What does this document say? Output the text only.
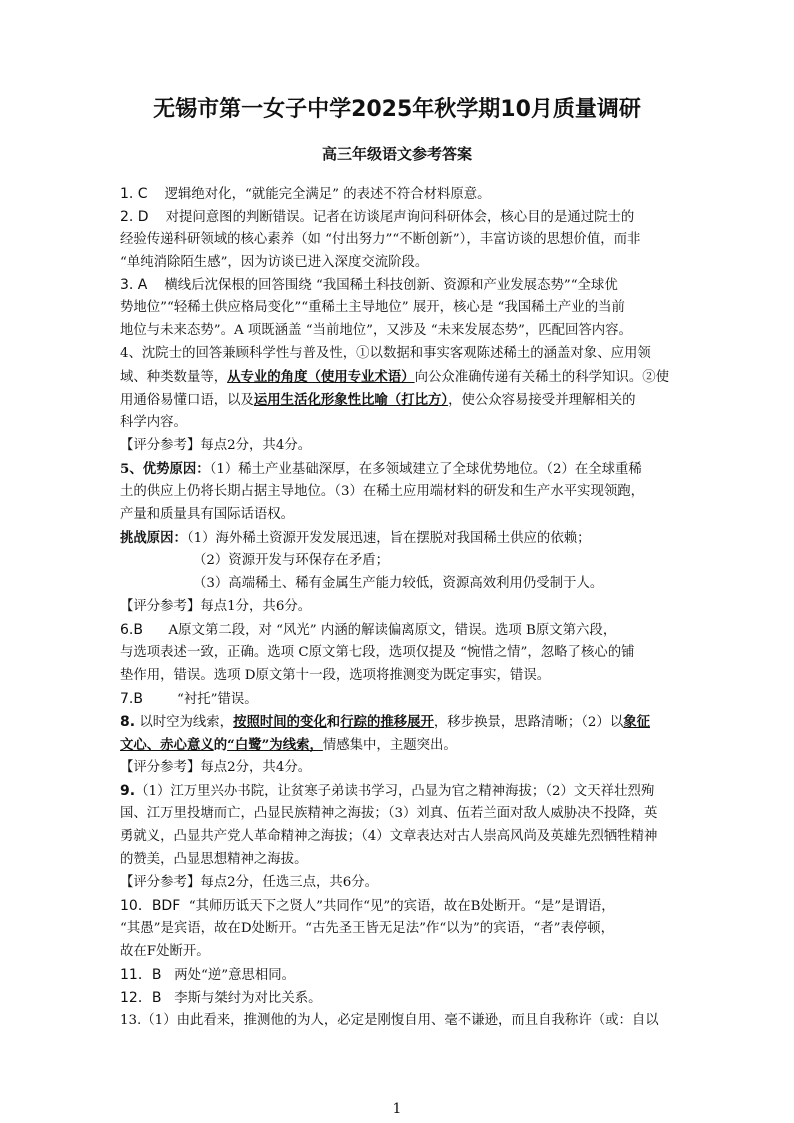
无锡市第一女子中学2025年秋学期10月质量调研
高三年级语文参考答案
1. C 逻辑绝对化，“就能完全满足” 的表述不符合材料原意。
2. D 对提问意图的判断错误。记者在访谈尾声询问科研体会，核心目的是通过院士的
经验传递科研领域的核心素养（如 “付出努力”“不断创新”），丰富访谈的思想价值，而非
“单纯消除陌生感”，因为访谈已进入深度交流阶段。
3. A 横线后沈保根的回答围绕 “我国稀土科技创新、资源和产业发展态势”“全球优
势地位”“轻稀土供应格局变化”“重稀土主导地位” 展开，核心是 “我国稀土产业的当前
地位与未来态势”。A 项既涵盖 “当前地位”，又涉及 “未来发展态势”，匹配回答内容。
4、沈院士的回答兼顾科学性与普及性，①以数据和事实客观陈述稀土的涵盖对象、应用领
域、种类数量等，从专业的角度（使用专业术语）向公众准确传递有关稀土的科学知识。②使
用通俗易懂口语，以及运用生活化形象性比喻（打比方），使公众容易接受并理解相关的
科学内容。
【评分参考】每点2分，共4分。
5、优势原因：（1）稀土产业基础深厚，在多领域建立了全球优势地位。（2）在全球重稀
土的供应上仍将长期占据主导地位。（3）在稀土应用端材料的研发和生产水平实现领跑，
产量和质量具有国际话语权。
挑战原因：（1）海外稀土资源开发发展迅速，旨在摆脱对我国稀土供应的依赖；
（2）资源开发与环保存在矛盾；
（3）高端稀土、稀有金属生产能力较低，资源高效利用仍受制于人。
【评分参考】每点1分，共6分。
6.B A原文第二段，对 “风光” 内涵的解读偏离原文，错误。选项 B原文第六段，
与选项表述一致，正确。选项 C原文第七段，选项仅提及 “惋惜之情”，忽略了核心的铺
垫作用，错误。选项 D原文第十一段，选项将推测变为既定事实，错误。
7.B	“衬托”错误。
8. 以时空为线索，按照时间的变化和行踪的推移展开，移步换景，思路清晰；（2）以象征
文心、赤心意义的“白鹭”为线索，情感集中，主题突出。
【评分参考】每点2分，共4分。
9.（1）江万里兴办书院，让贫寒子弟读书学习，凸显为官之精神海拔；（2）文天祥壮烈殉
国、江万里投塘而亡，凸显民族精神之海拔；（3）刘真、伍若兰面对敌人威胁决不投降，英
勇就义，凸显共产党人革命精神之海拔；（4）文章表达对古人崇高风尚及英雄先烈牺牲精神
的赞美，凸显思想精神之海拔。
【评分参考】每点2分，任选三点，共6分。
10．BDF “其师历诋天下之贤人”共同作“见”的宾语，故在B处断开。“是”是谓语，
“其愚”是宾语，故在D处断开。“古先圣王皆无足法”作“以为”的宾语，“者”表停顿，
故在F处断开。
11．B 两处“逆”意思相同。
12．B 李斯与桀纣为对比关系。
13.（1）由此看来，推测他的为人，必定是刚愎自用、毫不谦逊，而且自我称许（或：自以
1
